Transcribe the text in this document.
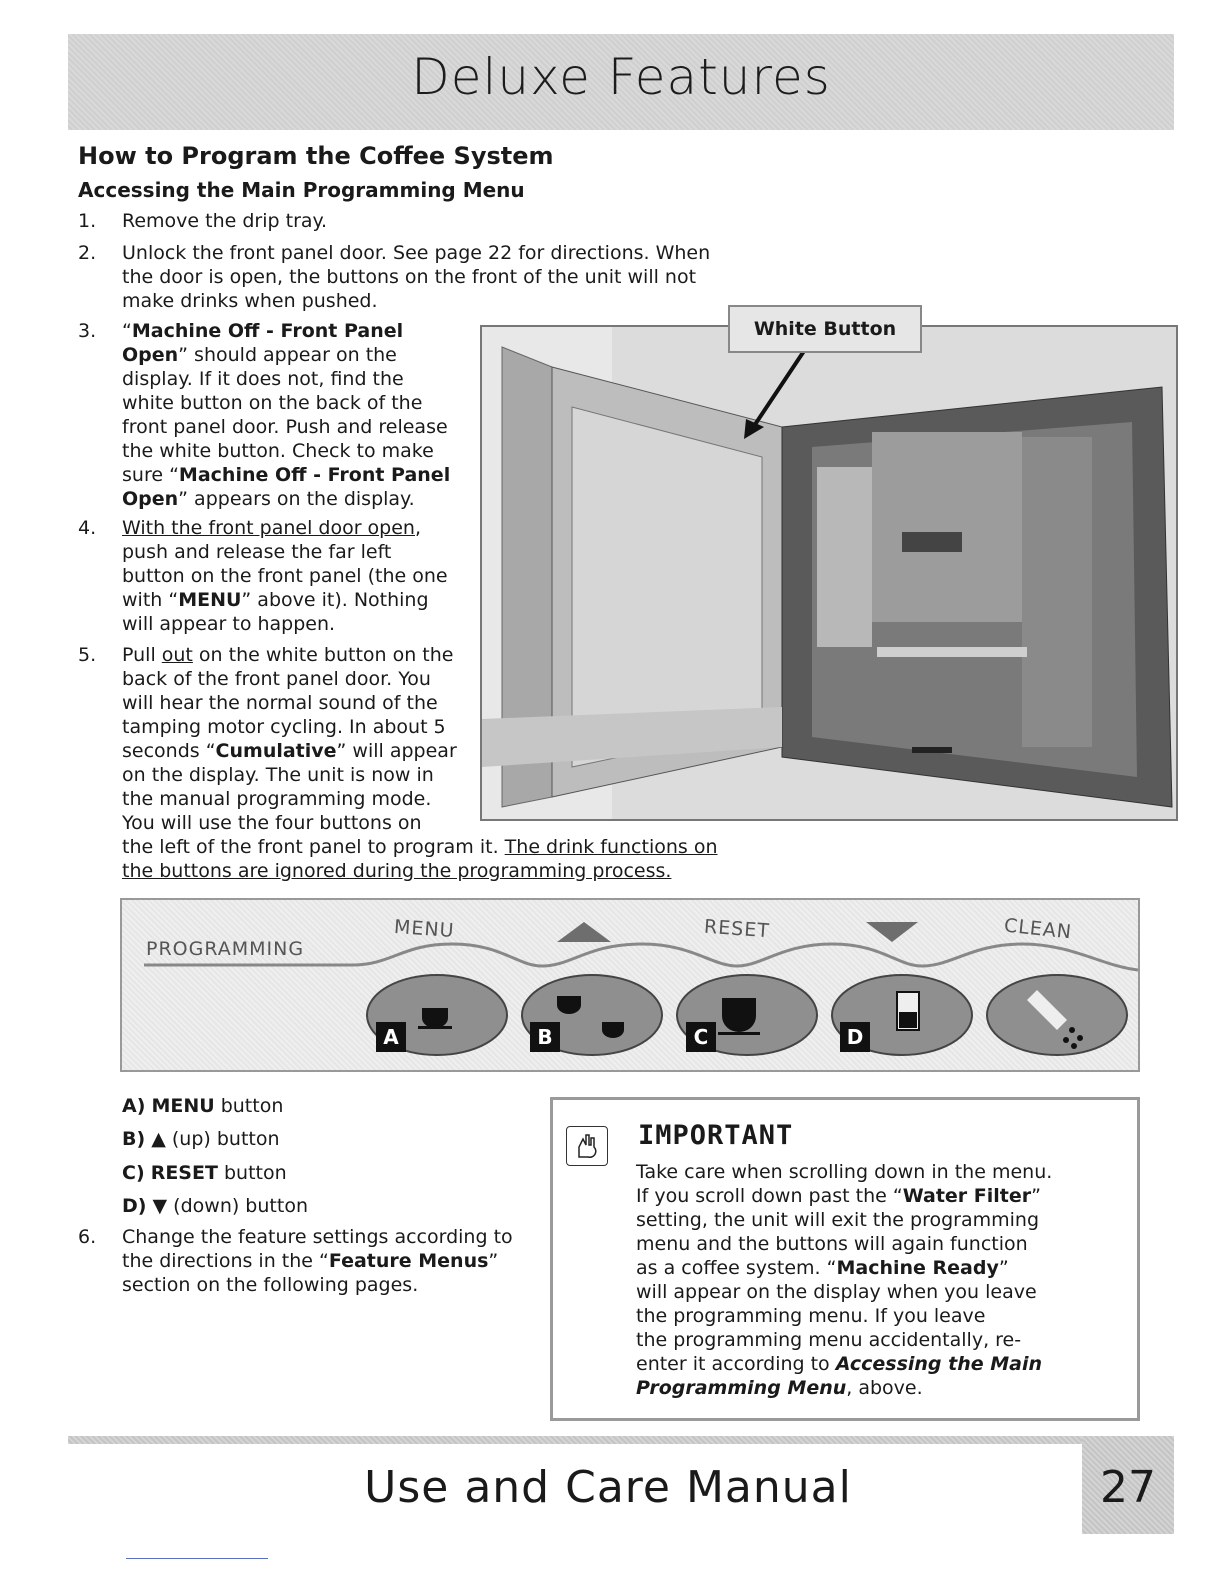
Deluxe Features
How to Program the Coffee System
Accessing the Main Programming Menu
1. Remove the drip tray.
2. Unlock the front panel door. See page 22 for directions. When
the door is open, the buttons on the front of the unit will not
make drinks when pushed.
3. “Machine Off - Front Panel
Open” should appear on the
display. If it does not, find the
white button on the back of the
front panel door. Push and release
the white button. Check to make
sure “Machine Off - Front Panel
Open” appears on the display.
4. With the front panel door open,
push and release the far left
button on the front panel (the one
with “MENU” above it). Nothing
will appear to happen.
5. Pull out on the white button on the
back of the front panel door. You
will hear the normal sound of the
tamping motor cycling. In about 5
seconds “Cumulative” will appear
on the display. The unit is now in
the manual programming mode.
You will use the four buttons on
the left of the front panel to program it. The drink functions on
the buttons are ignored during the programming process.
White Button
PROGRAMMING
MENU	RESET	CLEAN
A	B	C	D
A) MENU button
B) ▲ (up) button
C) RESET button
D) ▼ (down) button
6. Change the feature settings according to
the directions in the “Feature Menus”
section on the following pages.
IMPORTANT
Take care when scrolling down in the menu.
If you scroll down past the “Water Filter”
setting, the unit will exit the programming
menu and the buttons will again function
as a coffee system. “Machine Ready”
will appear on the display when you leave
the programming menu. If you leave
the programming menu accidentally, re-
enter it according to Accessing the Main
Programming Menu, above.
Use and Care Manual	27
